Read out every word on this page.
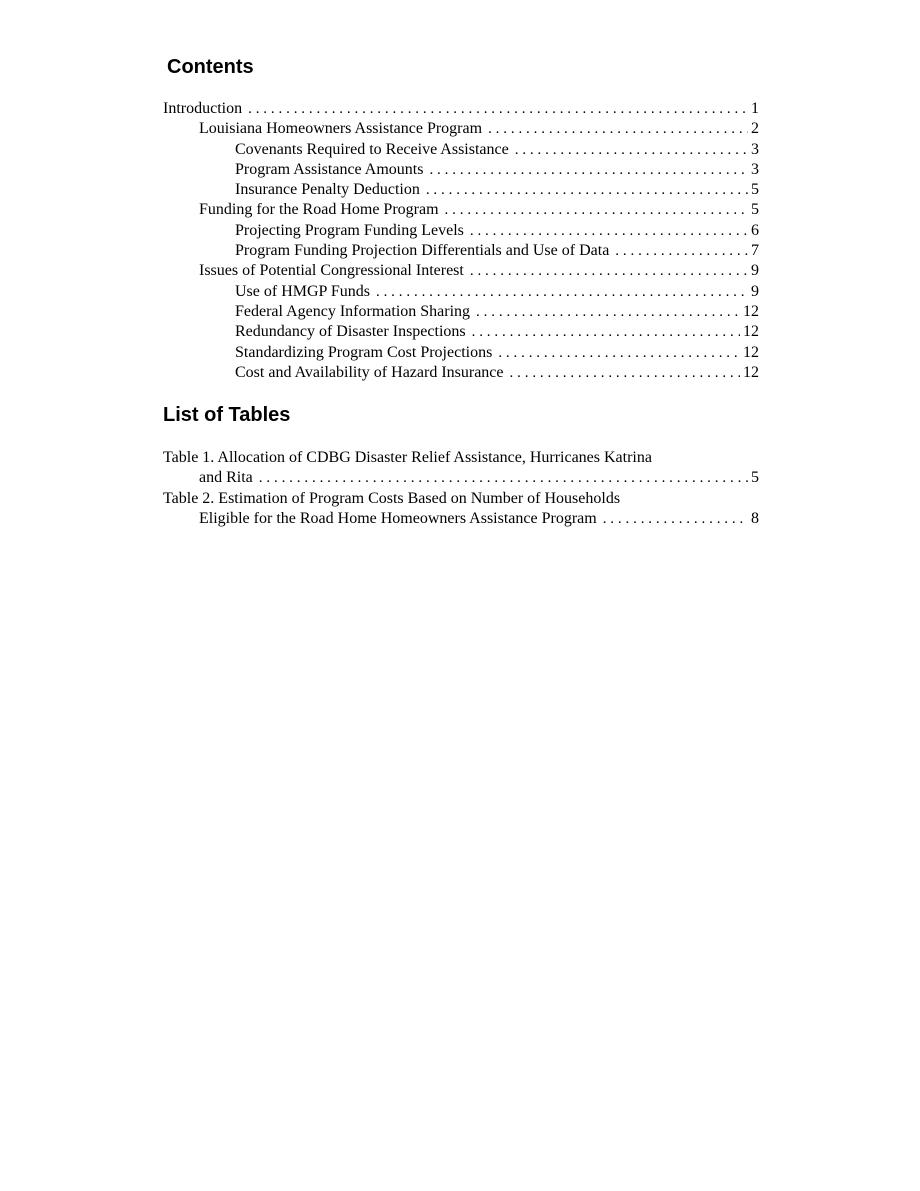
Contents
Introduction . . .	1
Louisiana Homeowners Assistance Program . . .	2
Covenants Required to Receive Assistance . . .	3
Program Assistance Amounts . . .	3
Insurance Penalty Deduction . . .	5
Funding for the Road Home Program . . .	5
Projecting Program Funding Levels . . .	6
Program Funding Projection Differentials and Use of Data . . .	7
Issues of Potential Congressional Interest . . .	9
Use of HMGP Funds . . .	9
Federal Agency Information Sharing . . .	12
Redundancy of Disaster Inspections . . .	12
Standardizing Program Cost Projections . . .	12
Cost and Availability of Hazard Insurance . . .	12
List of Tables
Table 1. Allocation of CDBG Disaster Relief Assistance, Hurricanes Katrina
and Rita . . .	5
Table 2. Estimation of Program Costs Based on Number of Households
Eligible for the Road Home Homeowners Assistance Program . . .	8
